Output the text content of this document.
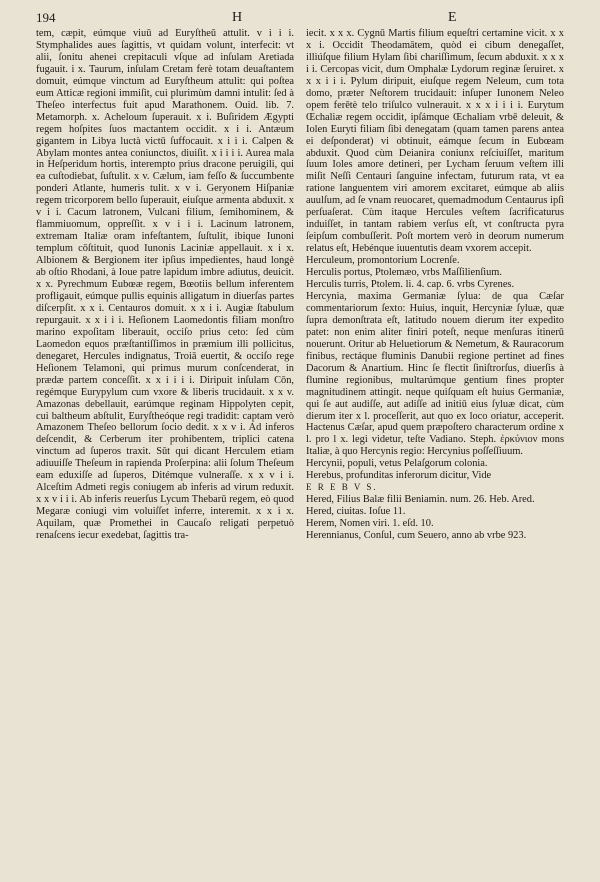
194	H	E

tem, cæpit, eúmque viuū ad Euryſtheū attulit. v i i i. Stymphalides aues ſagittis, vt quidam volunt, interfecit: vt alii, ſonitu ahenei crepitaculi vſque ad inſulam Aretiada fugauit. i x. Taurum, inſulam Cretam ferè totam deuaſtantem domuit, eúmque vinctum ad Euryſtheum attulit: qui poſtea eum Atticæ regioni immiſit, cui plurimùm damni intulit: ſed à Theſeo interfectus fuit apud Marathonem. Ouid. lib. 7. Metamorph. x. Acheloum ſuperauit. x i. Buſiridem Ægypti regem hoſpites ſuos mactantem occidit. x i i. Antæum gigantem in Libya luctà victū ſuffocauit. x i i i. Calpen & Abylam montes antea coniunctos, diuiſit. x i i i i. Aurea mala in Heſperidum hortis, interempto prius dracone peruigili, qui ea cuſtodiebat, ſuſtulit. x v. Cælum, iam feſſo & ſuccumbente ponderi Atlante, humeris tulit. x v i. Geryonem Hiſpaniæ regem tricorporem bello ſuperauit, eiuſque armenta abduxit. x v i i. Cacum latronem, Vulcani filium, ſemihominem, & flammiuomum, oppreſſit. x v i i i. Lacinum latronem, extremam Italiæ oram infeſtantem, ſuſtulit, ibique Iunoni templum cōſtituit, quod Iunonis Laciniæ appellauit. x i x. Albionem & Bergionem iter ipſius impedientes, haud longè ab oſtio Rhodani, à Ioue patre lapidum imbre adiutus, deuicit. x x. Pyrechmum Eubœæ regem, Bœotiis bellum inferentem profligauit, eúmque pullis equinis alligatum in diuerſas partes diſcerpſit. x x i. Centauros domuit. x x i i. Augiæ ſtabulum repurgauit. x x i i i. Heſionem Laomedontis filiam monſtro marino expoſitam liberauit, occiſo prius ceto: ſed cùm Laomedon equos præſtantiſſimos in præmium illi pollicitus, denegaret, Hercules indignatus, Troiā euertit, & occiſo rege Heſionem Telamoni, qui primus murum conſcenderat, in prædæ partem conceſſit. x x i i i i. Diripuit inſulam Cōn, regémque Eurypylum cum vxore & liberis trucidauit. x x v. Amazonas debellauit, earúmque reginam Hippolyten cepit, cui baltheum abſtulit, Euryſtheóque regi tradidit: captam verò Amazonem Theſeo bellorum ſocio dedit. x x v i. Ad inferos deſcendit, & Cerberum iter prohibentem, triplici catena vinctum ad ſuperos traxit. Sūt qui dicant Herculem etiam adiuuiſſe Theſeum in rapienda Proſerpina: alii ſolum Theſeum eam eduxiſſe ad ſuperos, Ditémque vulneraſſe. x x v i i. Alceſtim Admeti regis coniugem ab inferis ad virum reduxit. x x v i i i. Ab inferis reuerſus Lycum Thebarū regem, eò quod Megaræ coniugi vim voluiſſet inferre, interemit. x x i x. Aquilam, quæ Promethei in Caucaſo religati perpetuò renaſcens iecur exedebat, ſagittis tra-

iecit. x x x. Cygnū Martis filium equeſtri certamine vicit. x x x i. Occidit Theodamātem, quòd ei cibum denegaſſet, illiúſque filium Hylam ſibi chariſſimum, ſecum abduxit. x x x i i. Cercopas vicit, dum Omphalæ Lydorum reginæ ſeruiret. x x x i i i. Pylum diripuit, eiuſque regem Neleum, cum tota domo, præter Neſtorem trucidauit: inſuper Iunonem Neleo opem ferētè telo triſulco vulnerauit. x x x i i i i. Eurytum Œchaliæ regem occidit, ipſámque Œchaliam vrbē deleuit, & Iolen Euryti filiam ſibi denegatam (quam tamen parens antea ei deſponderat) vi obtinuit, eámque ſecum in Eubœam abduxit. Quod cùm Deianira coniunx reſciuiſſet, maritum ſuum Ioles amore detineri, per Lycham ſeruum veſtem illi miſit Neſſi Centauri ſanguine infectam, futurum rata, vt ea ratione languentem viri amorem excitaret, eúmque ab aliis auulſum, ad ſe vnam reuocaret, quemadmodum Centaurus ipſi perſuaſerat. Cùm itaque Hercules veſtem ſacrificaturus induiſſet, in tantam rabiem verſus eſt, vt conſtructa pyra ſeipſum combuſſerit. Poſt mortem verò in deorum numerum relatus eſt, Hebénque iuuentutis deam vxorem accepit.

Herculeum, promontorium Locrenſe.

Herculis portus, Ptolemæo, vrbs Maſſilienſium.

Herculis turris, Ptolem. li. 4. cap. 6. vrbs Cyrenes.

Hercynia, maxima Germaniæ ſylua: de qua Cæſar commentariorum ſexto: Huius, inquit, Hercyniæ ſyluæ, quæ ſupra demonſtrata eſt, latitudo nouem dierum iter expedito patet: non enim aliter finiri poteſt, neque menſuras itinerū nouerunt. Oritur ab Heluetiorum & Nemetum, & Rauracorum finibus, rectáque fluminis Danubii regione pertinet ad fines Dacorum & Anartium. Hinc ſe flectit ſiniſtrorſus, diuerſis à flumine regionibus, multarúmque gentium fines propter magnitudinem attingit. neque quiſquam eſt huius Germaniæ, qui ſe aut audiſſe, aut adiſſe ad initiū eius ſyluæ dicat, cùm dierum iter x l. proceſſerit, aut quo ex loco oriatur, acceperit. Hactenus Cæſar, apud quem præpoſtero characterum ordine x l. pro l x. legi videtur, teſte Vadiano. Steph. ἐρκύνιον mons Italiæ, à quo Hercynis regio: Hercynius poſſeſſiuum.

Hercynii, populi, vetus Pelaſgorum colonia.

Herebus, profunditas inferorum dicitur, Vide

E R E B V S.

Hered, Filius Balæ filii Beniamin. num. 26. Heb. Ared.

Hered, ciuitas. Ioſue 11.

Herem, Nomen viri. 1. eſd. 10.

Herennianus, Conſul, cum Seuero, anno ab vrbe 923.
